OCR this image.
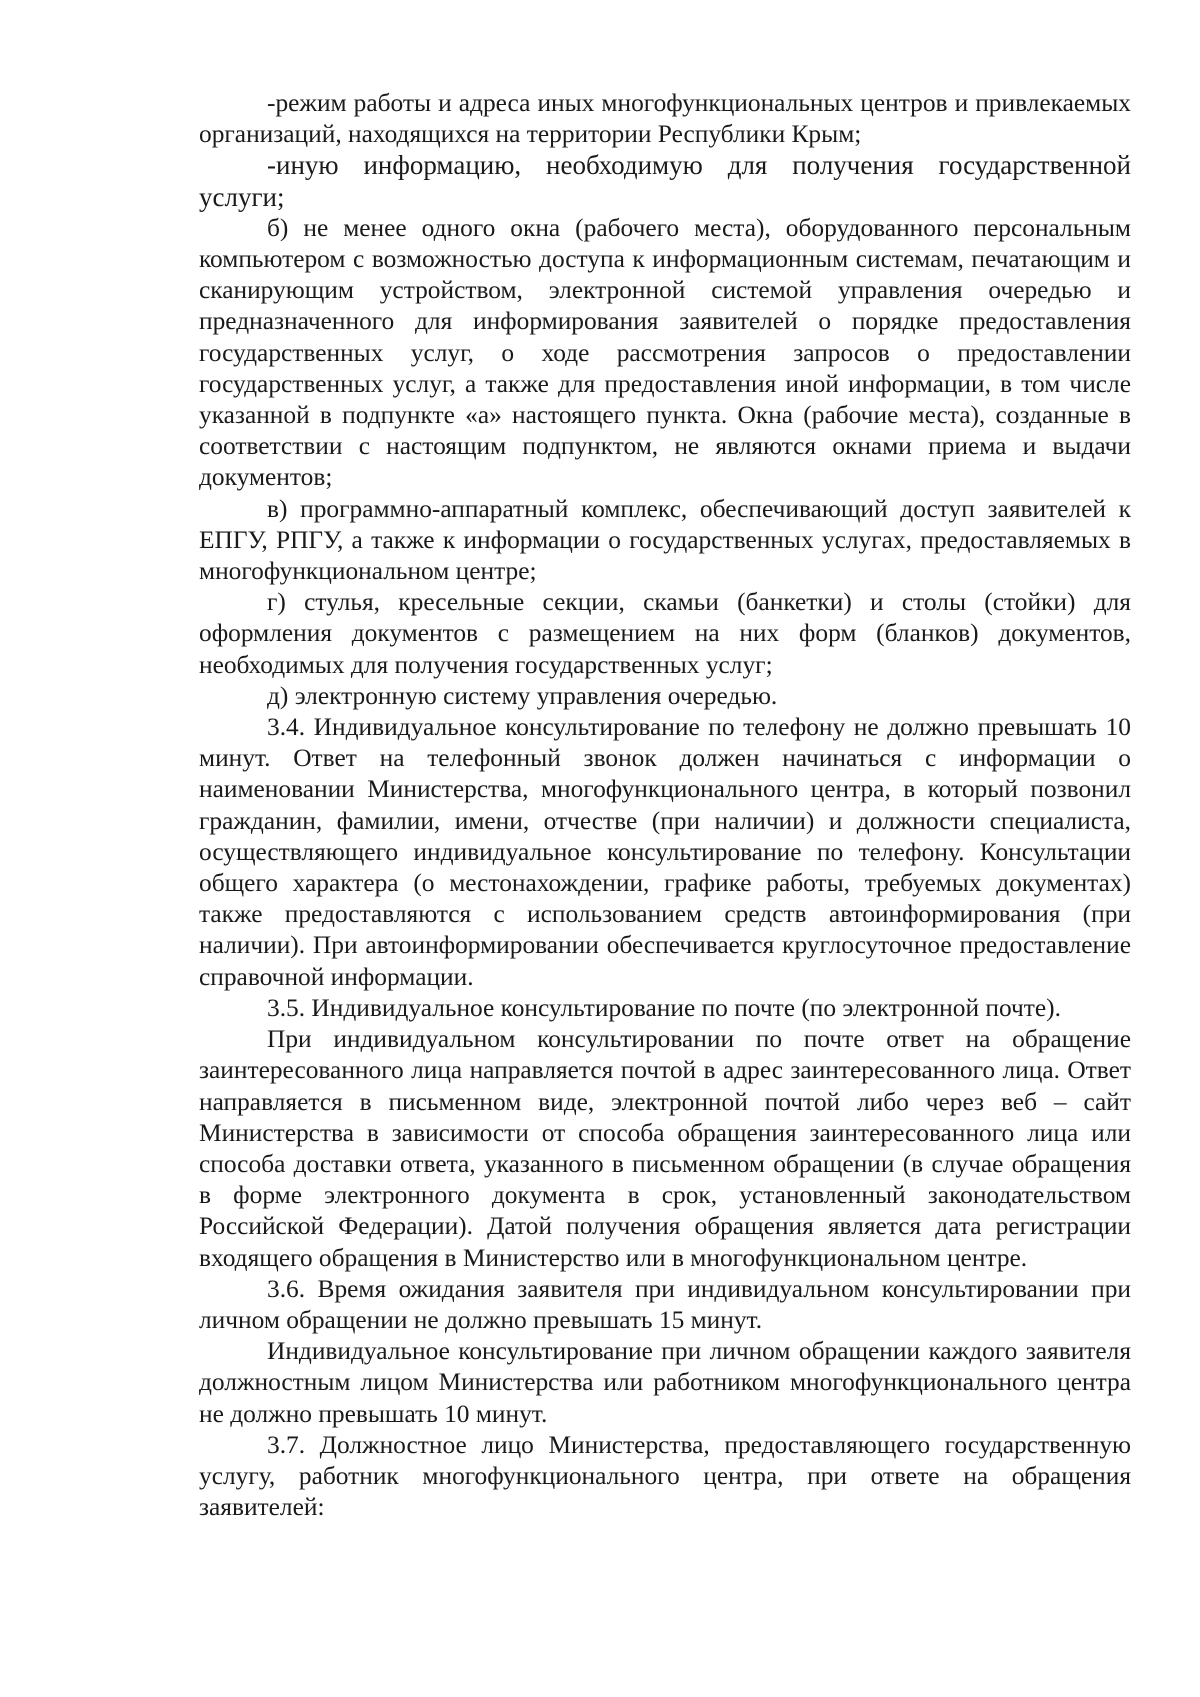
-режим работы и адреса иных многофункциональных центров и привлекаемых организаций, находящихся на территории Республики Крым;

-иную информацию, необходимую для получения государственной услуги;

б) не менее одного окна (рабочего места), оборудованного персональным компьютером с возможностью доступа к информационным системам, печатающим и сканирующим устройством, электронной системой управления очередью и предназначенного для информирования заявителей о порядке предоставления государственных услуг, о ходе рассмотрения запросов о предоставлении государственных услуг, а также для предоставления иной информации, в том числе указанной в подпункте «а» настоящего пункта. Окна (рабочие места), созданные в соответствии с настоящим подпунктом, не являются окнами приема и выдачи документов;

в) программно-аппаратный комплекс, обеспечивающий доступ заявителей к ЕПГУ, РПГУ, а также к информации о государственных услугах, предоставляемых в многофункциональном центре;

г) стулья, кресельные секции, скамьи (банкетки) и столы (стойки) для оформления документов с размещением на них форм (бланков) документов, необходимых для получения государственных услуг;

д) электронную систему управления очередью.

3.4. Индивидуальное консультирование по телефону не должно превышать 10 минут. Ответ на телефонный звонок должен начинаться с информации о наименовании Министерства, многофункционального центра, в который позвонил гражданин, фамилии, имени, отчестве (при наличии) и должности специалиста, осуществляющего индивидуальное консультирование по телефону. Консультации общего характера (о местонахождении, графике работы, требуемых документах) также предоставляются с использованием средств автоинформирования (при наличии). При автоинформировании обеспечивается круглосуточное предоставление справочной информации.

3.5. Индивидуальное консультирование по почте (по электронной почте).

При индивидуальном консультировании по почте ответ на обращение заинтересованного лица направляется почтой в адрес заинтересованного лица. Ответ направляется в письменном виде, электронной почтой либо через веб – сайт Министерства в зависимости от способа обращения заинтересованного лица или способа доставки ответа, указанного в письменном обращении (в случае обращения в форме электронного документа в срок, установленный законодательством Российской Федерации). Датой получения обращения является дата регистрации входящего обращения в Министерство или в многофункциональном центре.

3.6. Время ожидания заявителя при индивидуальном консультировании при личном обращении не должно превышать 15 минут.

Индивидуальное консультирование при личном обращении каждого заявителя должностным лицом Министерства или работником многофункционального центра не должно превышать 10 минут.

3.7. Должностное лицо Министерства, предоставляющего государственную услугу, работник многофункционального центра, при ответе на обращения заявителей:
